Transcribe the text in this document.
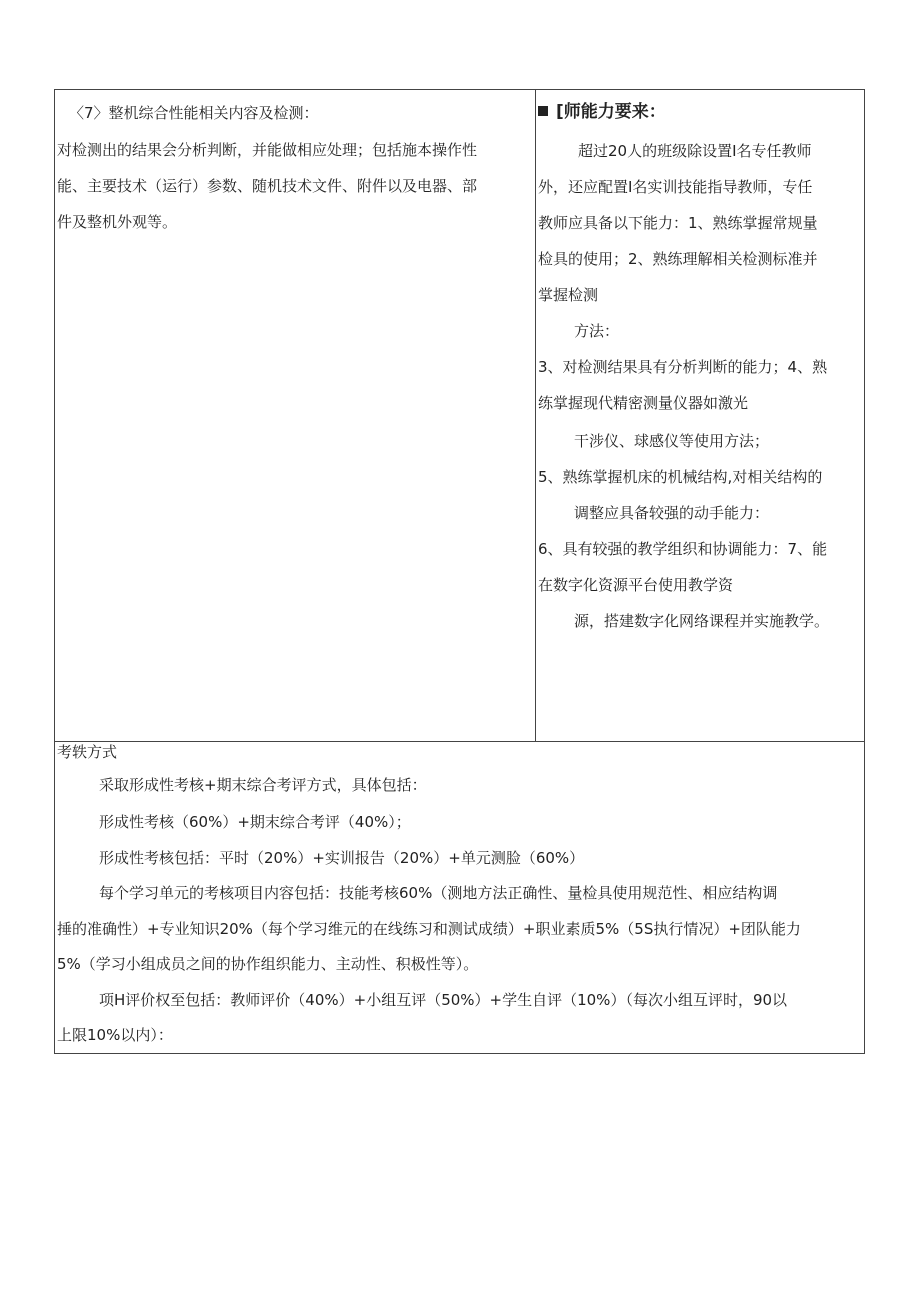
〈7〉整机综合性能相关内容及检测：
对检测出的结果会分析判断，并能做相应处理；包括施本操作性
能、主要技术（运行）参数、随机技术文件、附件以及电器、部
件及整机外观等。
[师能力要来：
超过20人的班级除设置I名专任教师
外，还应配置I名实训技能指导教师，专任
教师应具备以下能力：1、熟练掌握常规量
检具的使用；2、熟练理解相关检测标准并
掌握检测
方法：
3、对检测结果具有分析判断的能力；4、熟
练掌握现代精密测量仪器如激光
干涉仪、球感仪等使用方法；
5、熟练掌握机床的机械结构,对相关结构的
调整应具备较强的动手能力：
6、具有较强的教学组织和协调能力：7、能
在数字化资源平台使用教学资
源，搭建数字化网络课程并实施教学。
考轶方式
采取形成性考核+期末综合考评方式，具体包括：
形成性考核（60%）+期末综合考评（40%）；
形成性考核包括：平时（20%）+实训报告（20%）+单元测脸（60%）
每个学习单元的考核项目内容包括：技能考核60%（测地方法正确性、量检具使用规范性、相应结构调
捶的准确性）+专业知识20%（每个学习维元的在线练习和测试成绩）+职业素质5%（5S执行情况）+团队能力
5%（学习小组成员之间的协作组织能力、主动性、积极性等）。
项H评价权至包括：教师评价（40%）+小组互评（50%）+学生自评（10%）（每次小组互评时，90以
上限10%以内）：
